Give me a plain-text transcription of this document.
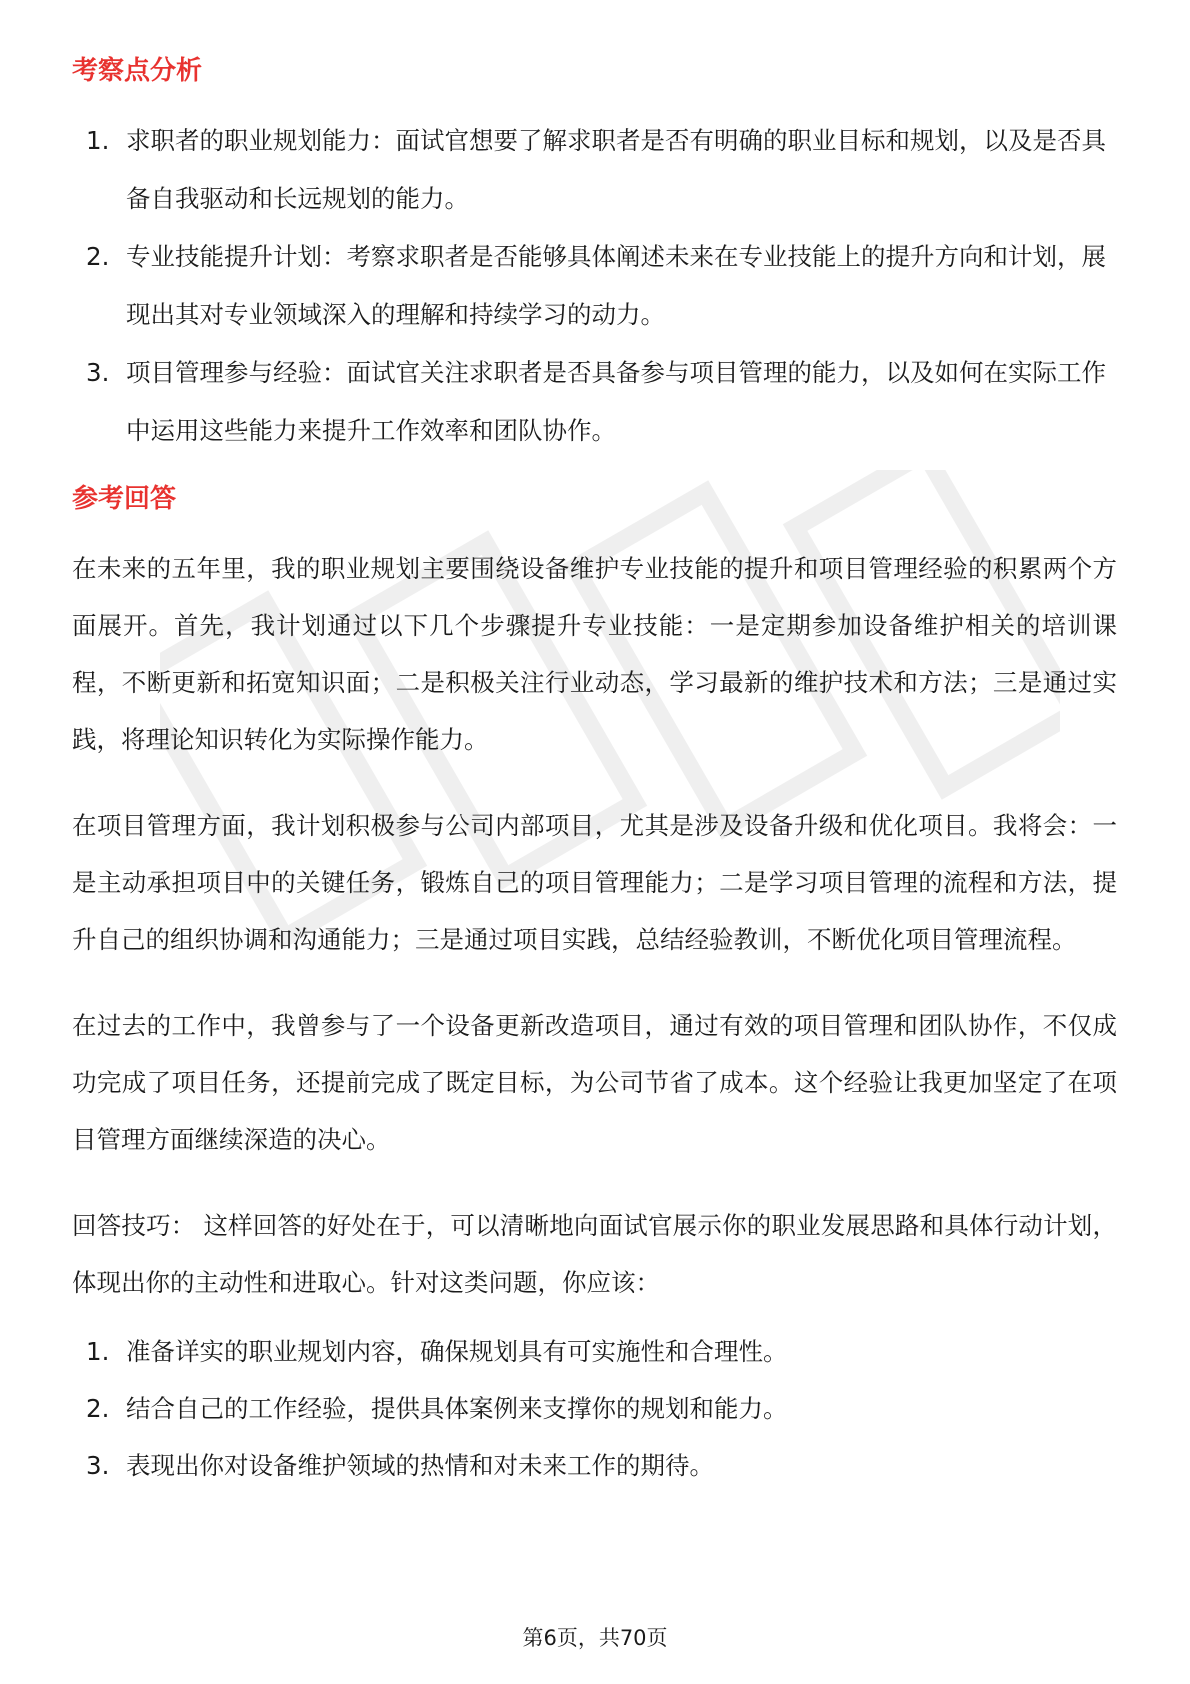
考察点分析
1. 求职者的职业规划能力：面试官想要了解求职者是否有明确的职业目标和规划，以及是否具备自我驱动和长远规划的能力。
2. 专业技能提升计划：考察求职者是否能够具体阐述未来在专业技能上的提升方向和计划，展现出其对专业领域深入的理解和持续学习的动力。
3. 项目管理参与经验：面试官关注求职者是否具备参与项目管理的能力，以及如何在实际工作中运用这些能力来提升工作效率和团队协作。
参考回答

在未来的五年里，我的职业规划主要围绕设备维护专业技能的提升和项目管理经验的积累两个方面展开。首先，我计划通过以下几个步骤提升专业技能：一是定期参加设备维护相关的培训课程，不断更新和拓宽知识面；二是积极关注行业动态，学习最新的维护技术和方法；三是通过实践，将理论知识转化为实际操作能力。

在项目管理方面，我计划积极参与公司内部项目，尤其是涉及设备升级和优化项目。我将会：一是主动承担项目中的关键任务，锻炼自己的项目管理能力；二是学习项目管理的流程和方法，提升自己的组织协调和沟通能力；三是通过项目实践，总结经验教训，不断优化项目管理流程。

在过去的工作中，我曾参与了一个设备更新改造项目，通过有效的项目管理和团队协作，不仅成功完成了项目任务，还提前完成了既定目标，为公司节省了成本。这个经验让我更加坚定了在项目管理方面继续深造的决心。

回答技巧： 这样回答的好处在于，可以清晰地向面试官展示你的职业发展思路和具体行动计划，体现出你的主动性和进取心。针对这类问题，你应该：

1. 准备详实的职业规划内容，确保规划具有可实施性和合理性。
2. 结合自己的工作经验，提供具体案例来支撑你的规划和能力。
3. 表现出你对设备维护领域的热情和对未来工作的期待。
第6页，共70页
